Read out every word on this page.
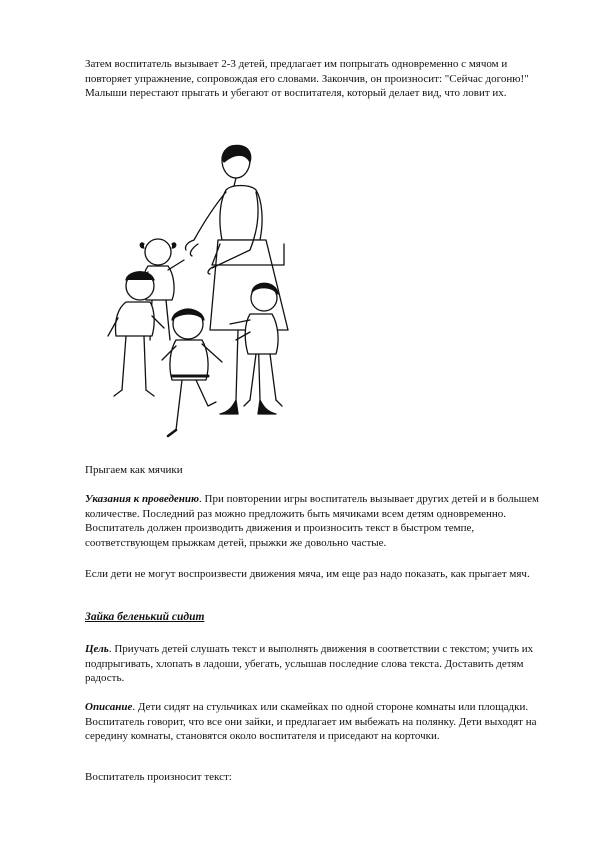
Затем воспитатель вызывает 2-3 детей, предлагает им попрыгать одновременно с мячом и повторяет упражнение, сопровождая его словами. Закончив, он произносит: "Сейчас догоню!" Малыши перестают прыгать и убегают от воспитателя, который делает вид, что ловит их.

Прыгаем как мячики

Указания к проведению. При повторении игры воспитатель вызывает других детей и в большем количестве. Последний раз можно предложить быть мячиками всем детям одновременно. Воспитатель должен производить движения и произносить текст в быстром темпе, соответствующем прыжкам детей, прыжки же довольно частые.

Если дети не могут воспроизвести движения мяча, им еще раз надо показать, как прыгает мяч.

Зайка беленький сидит

Цель. Приучать детей слушать текст и выполнять движения в соответствии с текстом; учить их подпрыгивать, хлопать в ладоши, убегать, услышав последние слова текста. Доставить детям радость.

Описание. Дети сидят на стульчиках или скамейках по одной стороне комнаты или площадки. Воспитатель говорит, что все они зайки, и предлагает им выбежать на полянку. Дети выходят на середину комнаты, становятся около воспитателя и приседают на корточки.

Воспитатель произносит текст:
